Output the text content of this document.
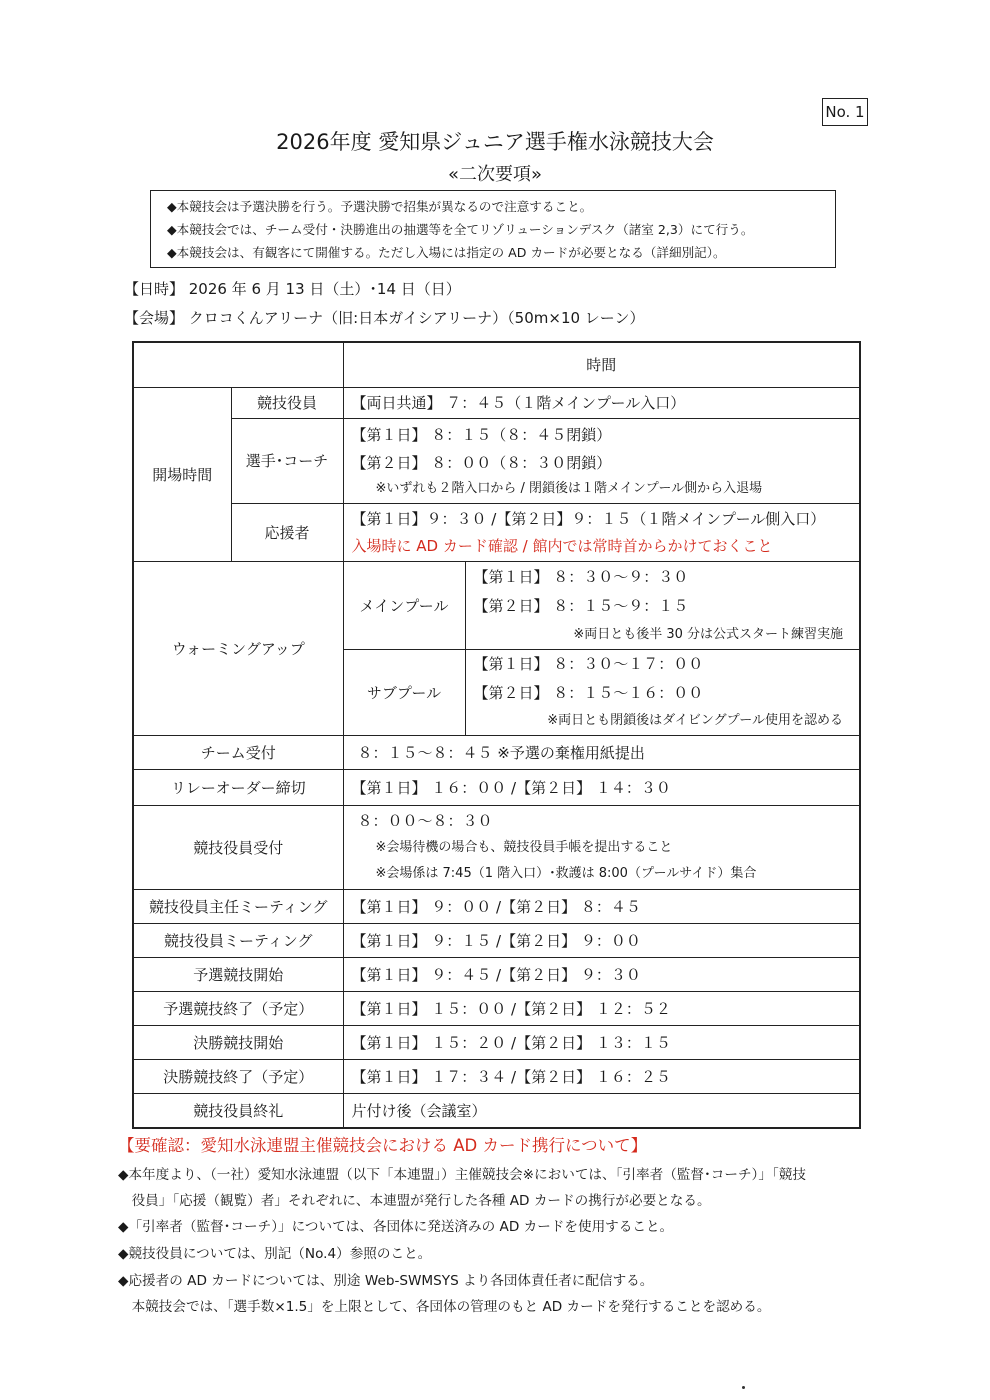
No. 1
2026年度 愛知県ジュニア選手権水泳競技大会
«二次要項»
◆本競技会は予選決勝を行う。予選決勝で招集が異なるので注意すること。
◆本競技会では、チーム受付・決勝進出の抽選等を全てリゾリューションデスク（諸室 2,3）にて行う。
◆本競技会は、有観客にて開催する。ただし入場には指定の AD カードが必要となる（詳細別記）。
【日時】 2026 年 6 月 13 日（土）･14 日（日）
【会場】 クロコくんアリーナ（旧:日本ガイシアリーナ）（50m×10 レーン）
		時間	
開場時間	競技役員	【両日共通】 ７：４５（１階メインプール入口）	
	選手･コーチ	【第１日】 ８：１５（８：４５閉鎖）
【第２日】 ８：００（８：３０閉鎖）
※いずれも２階入口から / 閉鎖後は１階メインプール側から入退場	

	応援者	【第１日】９：３０ /【第２日】９：１５（１階メインプール側入口）
入場時に AD カード確認 / 館内では常時首からかけておくこと	

ウォーミングアップ		メインプール	【第１日】 ８：３０～９：３０
【第２日】 ８：１５～９：１５
※両日とも後半 30 分は公式スタート練習実施

		サブプール	【第１日】 ８：３０～１７：００
【第２日】 ８：１５～１６：００
※両日とも閉鎖後はダイビングプール使用を認める

チーム受付		８：１５～８：４５ ※予選の棄権用紙提出	
リレーオーダー締切		【第１日】 １６：００ /【第２日】 １４：３０	
競技役員受付		８：００～８：３０
※会場待機の場合も、競技役員手帳を提出すること
※会場係は 7:45（1 階入口）･救護は 8:00（プールサイド）集合	

競技役員主任ミーティング		【第１日】 ９：００ /【第２日】 ８：４５	
競技役員ミーティング		【第１日】 ９：１５ /【第２日】 ９：００	
予選競技開始		【第１日】 ９：４５ /【第２日】 ９：３０	
予選競技終了（予定）		【第１日】 １５：００ /【第２日】 １２：５２	
決勝競技開始		【第１日】 １５：２０ /【第２日】 １３：１５	
決勝競技終了（予定）		【第１日】 １７：３４ /【第２日】 １６：２５	
競技役員終礼		片付け後（会議室）	
【要確認：愛知水泳連盟主催競技会における AD カード携行について】
◆本年度より、（一社）愛知水泳連盟（以下「本連盟」）主催競技会※においては、「引率者（監督･コーチ）」「競技
　役員」「応援（観覧）者」それぞれに、本連盟が発行した各種 AD カードの携行が必要となる。
◆「引率者（監督･コーチ）」については、各団体に発送済みの AD カードを使用すること。
◆競技役員については、別記（No.4）参照のこと。
◆応援者の AD カードについては、別途 Web-SWMSYS より各団体責任者に配信する。
　本競技会では、「選手数×1.5」を上限として、各団体の管理のもと AD カードを発行することを認める。
